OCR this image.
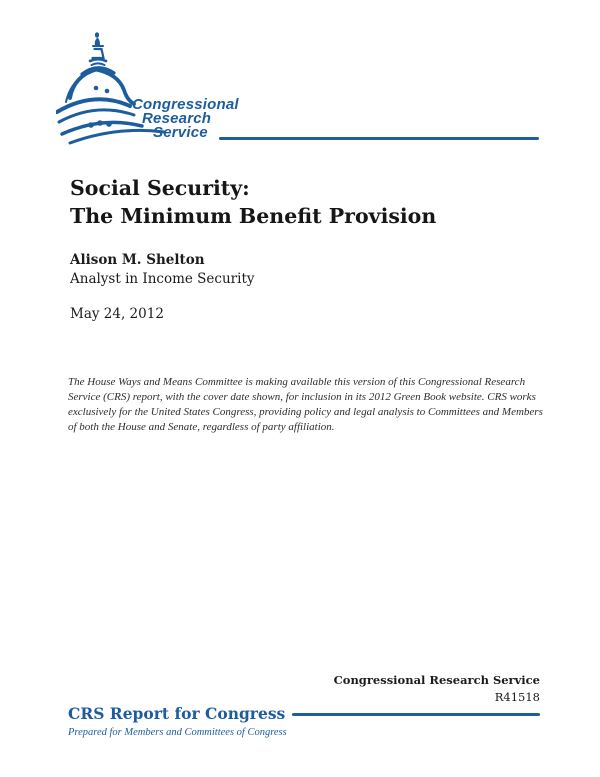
Congressional
Research
Service
Social Security:
The Minimum Benefit Provision
Alison M. Shelton
Analyst in Income Security
May 24, 2012
The House Ways and Means Committee is making available this version of this Congressional Research Service (CRS) report, with the cover date shown, for inclusion in its 2012 Green Book website. CRS works exclusively for the United States Congress, providing policy and legal analysis to Committees and Members of both the House and Senate, regardless of party affiliation.
Congressional Research Service
R41518
CRS Report for Congress
Prepared for Members and Committees of Congress
